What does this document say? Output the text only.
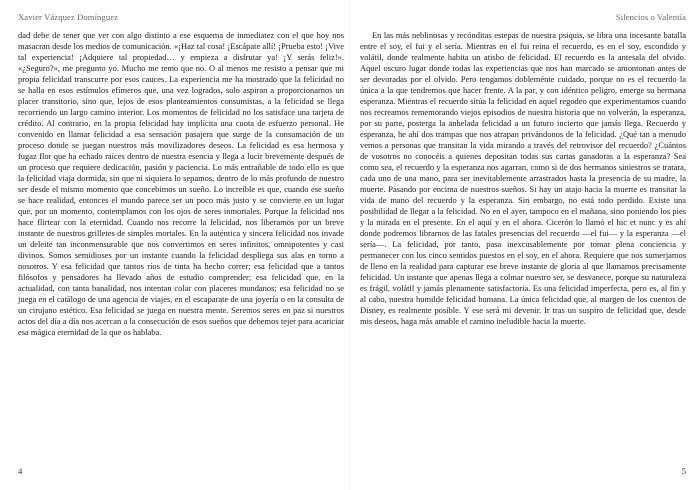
Xavier Vázquez Domínguez

dad debe de tener que ver con algo distinto a ese esquema de inmediatez con el que hoy nos masacran desde los medios de comunicación. «¡Haz tal cosa! ¡Escápate allí! ¡Prueba esto! ¡Vive tal experiencia! ¡Adquiere tal propiedad… y empieza a disfrutar ya! ¡Y serás feliz!». «¿Seguro?», me pregunto yo. Mucho me temo que no. O al menos me resisto a pensar que mi propia felicidad transcurre por esos cauces. La experiencia me ha mostrado que la felicidad no se halla en esos estímulos efímeros que, una vez logrados, solo aspiran a proporcionarnos un placer transitorio, sino que, lejos de esos planteamientos consumistas, a la felicidad se llega recorriendo un largo camino interior. Los momentos de felicidad no los satisface una tarjeta de crédito. Al contrario, en la propia felicidad hay implícita una cuota de esfuerzo personal. He convenido en llamar felicidad a esa sensación pasajera que surge de la consumación de un proceso donde se juegan nuestros más movilizadores deseos. La felicidad es esa hermosa y fugaz flor que ha echado raíces dentro de nuestra esencia y llega a lucir brevemente después de un proceso que requiere dedicación, pasión y paciencia. Lo más entrañable de todo ello es que la felicidad viaja dormida, sin que ni siquiera lo sepamos, dentro de lo más profundo de nuestro ser desde el mismo momento que concebimos un sueño. Lo increíble es que, cuando ese sueño se hace realidad, entonces el mundo parece ser un poco más justo y se convierte en un lugar que, por un momento, contemplamos con los ojos de seres inmortales. Porque la felicidad nos hace flirtear con la eternidad. Cuando nos recorre la felicidad, nos liberamos por un breve instante de nuestros grilletes de simples mortales. En la auténtica y sincera felicidad nos invade un deleite tan inconmensurable que nos convertimos en seres infinitos, omnipotentes y casi divinos. Somos semidioses por un instante cuando la felicidad despliega sus alas en torno a nosotros. Y esa felicidad que tantos ríos de tinta ha hecho correr; esa felicidad que a tantos filósofos y pensadores ha llevado años de estudio comprender; esa felicidad que, en la actualidad, con tanta banalidad, nos intentan colar con placeres mundanos; esa felicidad no se juega en el catálogo de una agencia de viajes, en el escaparate de una joyería o en la consulta de un cirujano estético. Esa felicidad se juega en nuestra mente. Seremos seres en paz si nuestros actos del día a día nos acercan a la consecución de esos sueños que debemos tejer para acariciar esa mágica eternidad de la que os hablaba.

4
Silencios o Valentía

En las más neblinosas y recónditas estepas de nuestra psiquis, se libra una incesante batalla entre el soy, el fui y el sería. Mientras en el fui reina el recuerdo, es en el soy, escondido y volátil, donde realmente habita un atisbo de felicidad. El recuerdo es la antesala del olvido. Aquel oscuro lugar donde todas las experiencias que nos han marcado se amontonan antes de ser devoradas por el olvido. Pero tengamos dobleménte cuidado, porque no es el recuerdo la única a la que tendremos que hacer frente. A la par, y con idéntico peligro, emerge su hermana esperanza. Mientras el recuerdo sitúa la felicidad en aquel regodeo que experimentamos cuando nos recreamos rememorando viejos episodios de nuestra historia que no volverán, la esperanza, por su parte, posterga la anhelada felicidad a un futuro incierto que jamás llega. Recuerdo y esperanza, he ahí dos trampas que nos atrapan privándonos de la felicidad. ¿Qué tan a menudo vemos a personas que transitan la vida mirando a través del retrovisor del recuerdo? ¿Cuántos de vosotros no conocéis a quienes depositan todas sus cartas ganadoras a la esperanza? Sea como sea, el recuerdo y la esperanza nos agarran, como si de dos hermanos siniestros se tratara, cada uno de una mano, para ser inevitablemente arrastrados hasta la presencia de su madre, la muerte. Pasando por encima de nuestros sueños. Si hay un atajo hacia la muerte es transitar la vida de mano del recuerdo y la esperanza. Sin embargo, no está todo perdido. Existe una posibilidad de llegar a la felicidad. No en el ayer, tampoco en el mañana, sino poniendo los pies y la mirada en el presente. En el aquí y en el ahora. Cicerón lo llamó el hic et nunc y es ahí donde podremos librarnos de las fatales presencias del recuerdo —el fui— y la esperanza —el sería—. La felicidad, por tanto, pasa inexcusablemente por tomar plena conciencia y permanecer con los cinco sentidos puestos en el soy, en el ahora. Requiere que nos sumerjamos de lleno en la realidad para capturar ese breve instante de gloria al que llamamos precisamente felicidad. Un instante que apenas llega a colmar nuestro ser, se desvanece, porque su naturaleza es frágil, volátil y jamás plenamente satisfactoria. Es una felicidad imperfecta, pero es, al fin y al cabo, nuestra humilde felicidad humana. La única felicidad que, al margen de los cuentos de Disney, es realmente posible. Y ese será mi devenir. Ir tras un suspiro de felicidad que, desde mis deseos, haga más amable el camino ineludible hacia la muerte.

5
